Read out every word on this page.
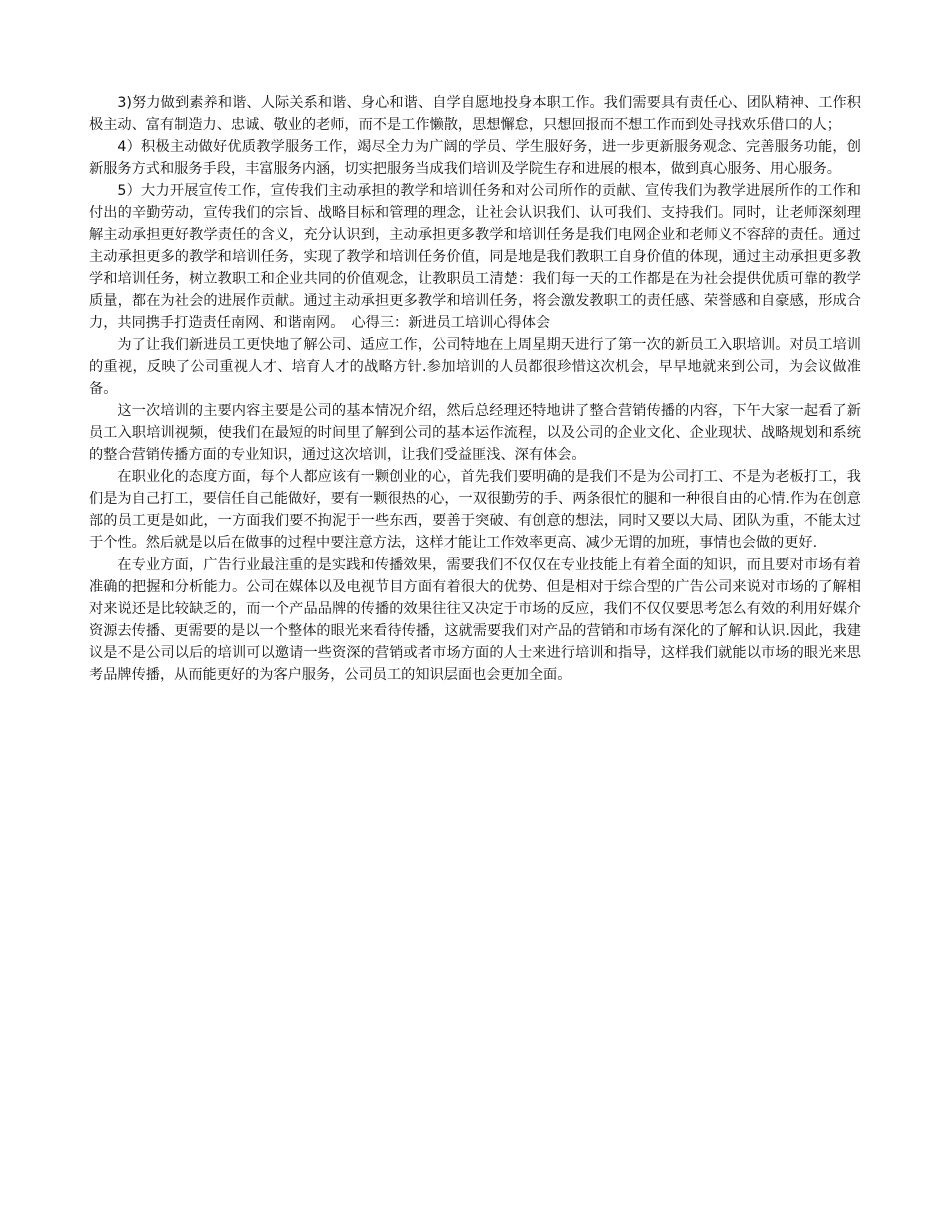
3)努力做到素养和谐、人际关系和谐、身心和谐、自学自愿地投身本职工作。我们需要具有责任心、团队精神、工作积极主动、富有制造力、忠诚、敬业的老师，而不是工作懒散，思想懈怠，只想回报而不想工作而到处寻找欢乐借口的人；

4）积极主动做好优质教学服务工作，竭尽全力为广阔的学员、学生服好务，进一步更新服务观念、完善服务功能，创新服务方式和服务手段，丰富服务内涵，切实把服务当成我们培训及学院生存和进展的根本，做到真心服务、用心服务。

5）大力开展宣传工作，宣传我们主动承担的教学和培训任务和对公司所作的贡献、宣传我们为教学进展所作的工作和付出的辛勤劳动，宣传我们的宗旨、战略目标和管理的理念，让社会认识我们、认可我们、支持我们。同时，让老师深刻理解主动承担更好教学责任的含义，充分认识到，主动承担更多教学和培训任务是我们电网企业和老师义不容辞的责任。通过主动承担更多的教学和培训任务，实现了教学和培训任务价值，同是地是我们教职工自身价值的体现，通过主动承担更多教学和培训任务，树立教职工和企业共同的价值观念，让教职员工清楚：我们每一天的工作都是在为社会提供优质可靠的教学质量，都在为社会的进展作贡献。通过主动承担更多教学和培训任务，将会激发教职工的责任感、荣誉感和自豪感，形成合力，共同携手打造责任南网、和谐南网。　心得三：新进员工培训心得体会

为了让我们新进员工更快地了解公司、适应工作，公司特地在上周星期天进行了第一次的新员工入职培训。对员工培训的重视，反映了公司重视人才、培育人才的战略方针.参加培训的人员都很珍惜这次机会，早早地就来到公司，为会议做准备。

这一次培训的主要内容主要是公司的基本情况介绍，然后总经理还特地讲了整合营销传播的内容，下午大家一起看了新员工入职培训视频，使我们在最短的时间里了解到公司的基本运作流程，以及公司的企业文化、企业现状、战略规划和系统的整合营销传播方面的专业知识，通过这次培训，让我们受益匪浅、深有体会。

在职业化的态度方面，每个人都应该有一颗创业的心，首先我们要明确的是我们不是为公司打工、不是为老板打工，我们是为自己打工，要信任自己能做好，要有一颗很热的心，一双很勤劳的手、两条很忙的腿和一种很自由的心情.作为在创意部的员工更是如此，一方面我们要不拘泥于一些东西，要善于突破、有创意的想法，同时又要以大局、团队为重，不能太过于个性。然后就是以后在做事的过程中要注意方法，这样才能让工作效率更高、减少无谓的加班，事情也会做的更好.

在专业方面，广告行业最注重的是实践和传播效果，需要我们不仅仅在专业技能上有着全面的知识，而且要对市场有着准确的把握和分析能力。公司在媒体以及电视节目方面有着很大的优势、但是相对于综合型的广告公司来说对市场的了解相对来说还是比较缺乏的，而一个产品品牌的传播的效果往往又决定于市场的反应，我们不仅仅要思考怎么有效的利用好媒介资源去传播、更需要的是以一个整体的眼光来看待传播，这就需要我们对产品的营销和市场有深化的了解和认识.因此，我建议是不是公司以后的培训可以邀请一些资深的营销或者市场方面的人士来进行培训和指导，这样我们就能以市场的眼光来思考品牌传播，从而能更好的为客户服务，公司员工的知识层面也会更加全面。
